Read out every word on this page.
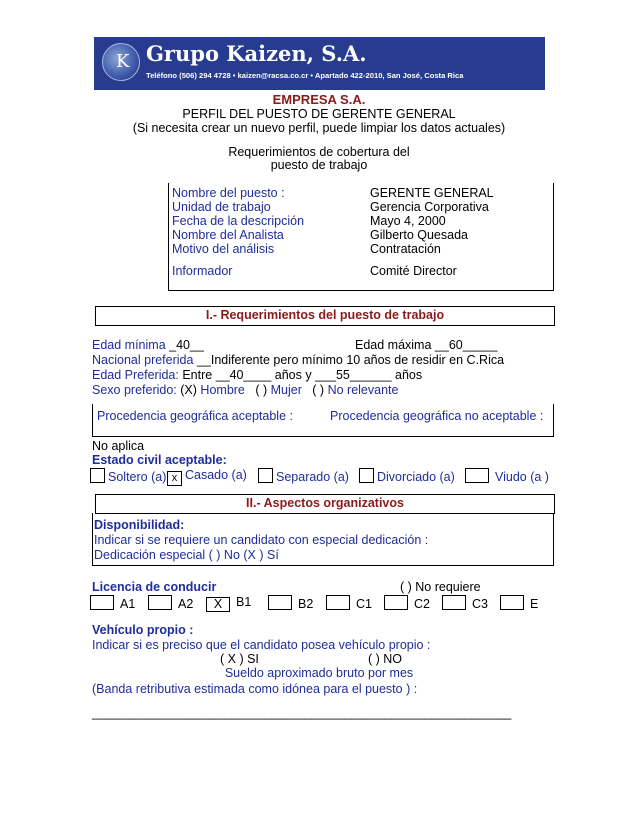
K Grupo Kaizen, S.A.
Teléfono (506) 294 4728 • kaizen@racsa.co.cr • Apartado 422-2010, San José, Costa Rica
EMPRESA S.A.
PERFIL DEL PUESTO DE GERENTE GENERAL
(Si necesita crear un nuevo perfil, puede limpiar los datos actuales)
Requerimientos de cobertura del
puesto de trabajo
Nombre del puesto :	GERENTE GENERAL
Unidad de trabajo	Gerencia Corporativa
Fecha de la descripción	Mayo 4, 2000
Nombre del Analista	Gilberto Quesada
Motivo del análisis	Contratación
Informador	Comité Director
I.- Requerimientos del puesto de trabajo
Edad mínima _40__	Edad máxima __60_____
Nacional preferida __Indiferente pero mínimo 10 años de residir en C.Rica
Edad Preferida: Entre __40____ años y ___55______ años
Sexo preferido: (X) Hombre ( ) Mujer ( ) No relevante
Procedencia geográfica aceptable :	Procedencia geográfica no aceptable :
No aplica
Estado civil aceptable:
Soltero (a) x Casado (a)	Separado (a)	Divorciado (a)	Viudo (a )
II.- Aspectos organizativos
Disponibilidad:
Indicar si se requiere un candidato con especial dedicación :
Dedicación especial ( ) No (X ) Sí
Licencia de conducir	( ) No requiere
A1	A2	X B1	B2	C1	C2	C3	E
Vehículo propio :
Indicar si es preciso que el candidato posea vehículo propio :
( X ) SI	( ) NO
Sueldo aproximado bruto por mes
(Banda retributiva estimada como idónea para el puesto ) :
_______________________________________________________________
